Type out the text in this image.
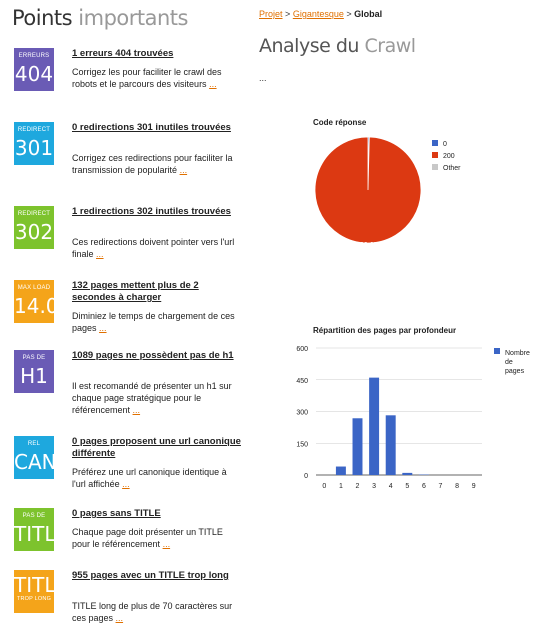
Points importants
ERREURS
404
1 erreurs 404 trouvées
Corrigez les pour faciliter le crawl des robots et le parcours des visiteurs ...
REDIRECT
301
0 redirections 301 inutiles trouvées
Corrigez ces redirections pour faciliter la transmission de popularité ...
REDIRECT
302
1 redirections 302 inutiles trouvées
Ces redirections doivent pointer vers l'url finale ...
MAX LOAD
14.0
132 pages mettent plus de 2 secondes à charger
Diminiez le temps de chargement de ces pages ...
PAS DE
H1
1089 pages ne possèdent pas de h1
Il est recomandé de présenter un h1 sur chaque page stratégique pour le référencement ...
REL
CAN
0 pages proposent une url canonique différente
Préférez une url canonique identique à l'url affichée ...
PAS DE
TITL
0 pages sans TITLE
Chaque page doit présenter un TITLE pour le référencement ...
TITL
TROP LONG
955 pages avec un TITLE trop long
TITLE long de plus de 70 caractères sur ces pages ...
Projet > Gigantesque > Global
Analyse du Crawl
...
Code réponse
99.6%
0
200
Other
Répartition des pages par profondeur
0
150
300
450
600
0 1 2 3 4 5 6 7 8 9
Nombre de pages
